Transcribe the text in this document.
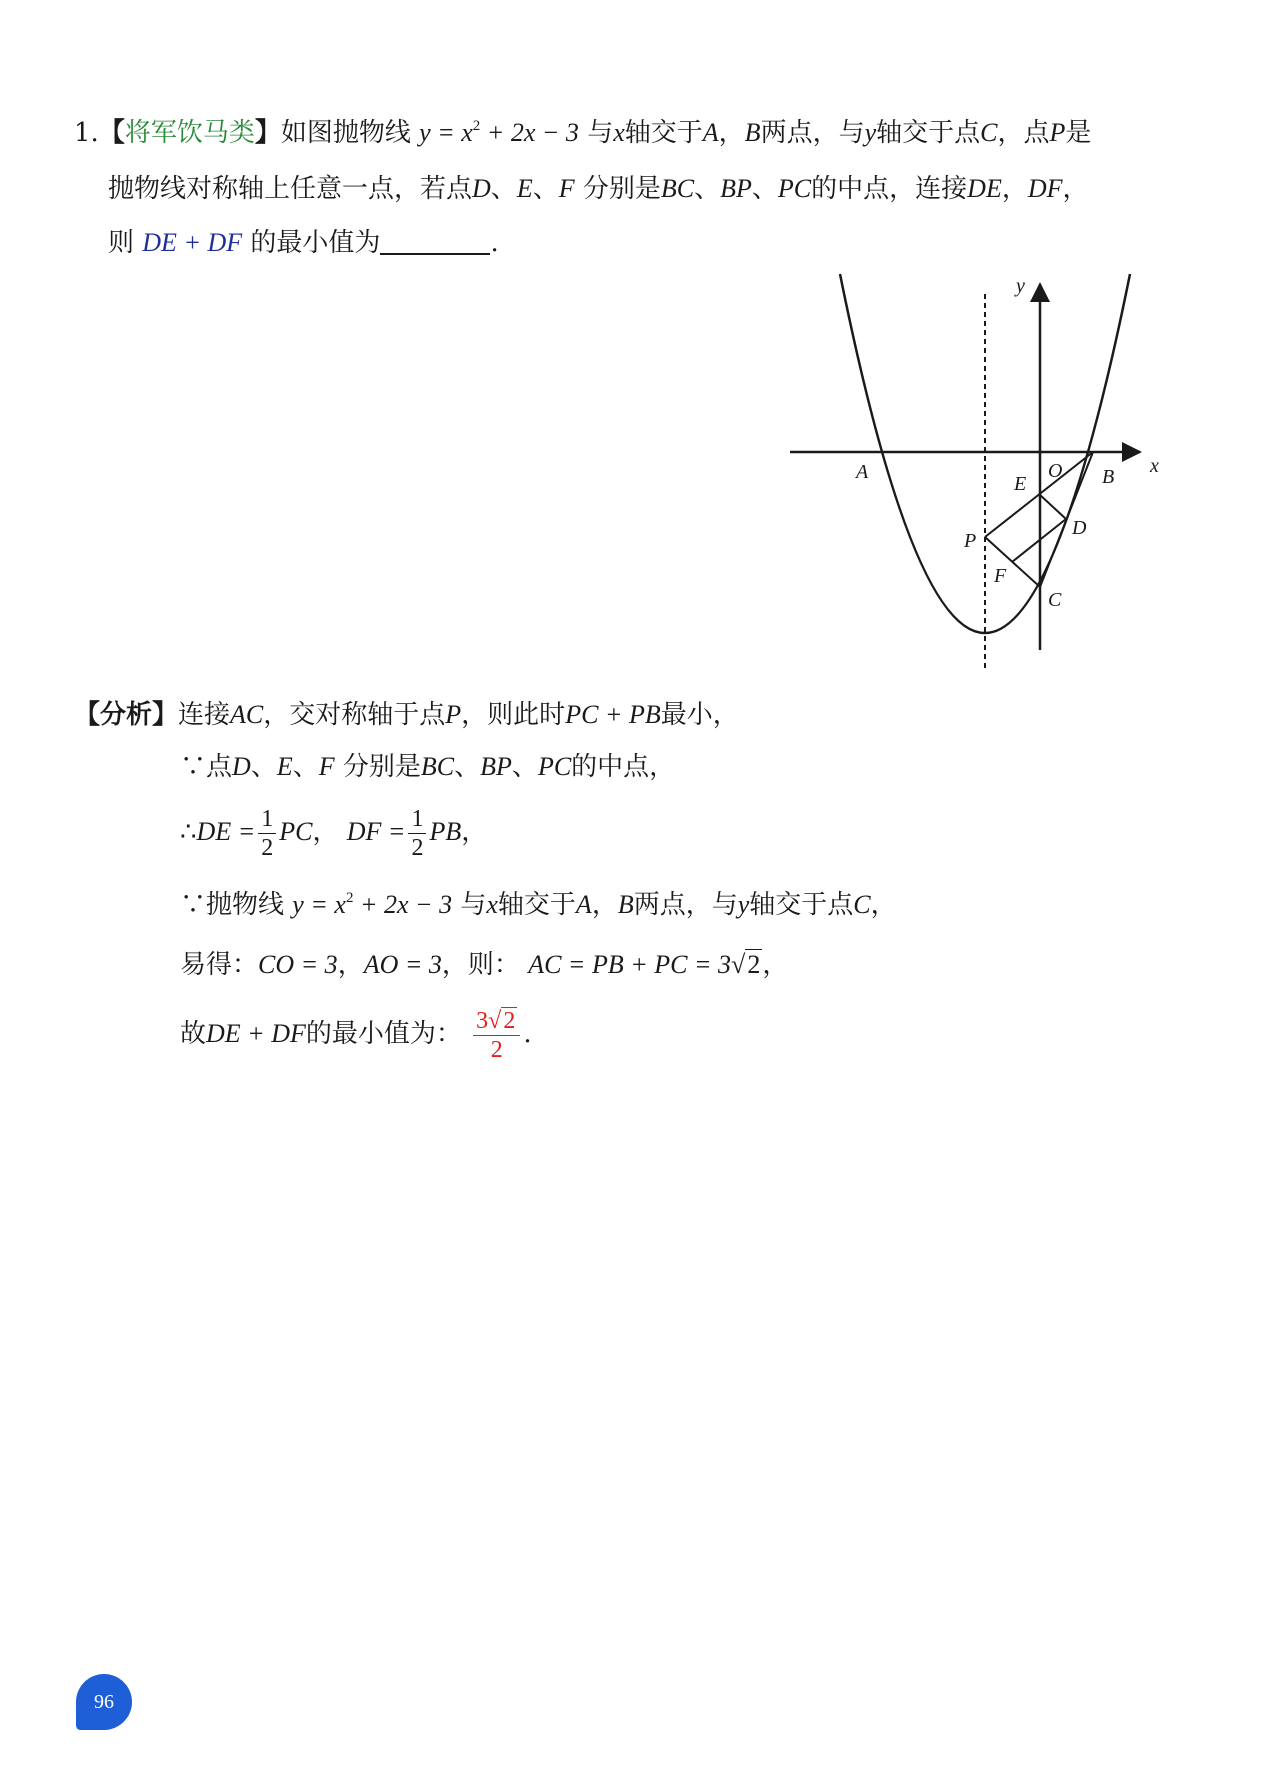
1.【将军饮马类】如图抛物线 $y = x^2 + 2x - 3$ 与x轴交于A，B两点，与y轴交于点C，点P是
抛物线对称轴上任意一点，若点D、E、F 分别是BC、BP、PC的中点，连接DE，DF，
则 DE + DF 的最小值为	.
y
x
O
A	B
E
D
P
F
C
【分析】连接AC，交对称轴于点P，则此时PC + PB最小，
∵点D、E、F 分别是BC、BP、PC的中点，
∴DE = $\frac{1}{2}$ PC， DF = $\frac{1}{2}$ PB，
∵抛物线 $y = x^2 + 2x - 3$ 与x轴交于A，B两点，与y轴交于点C，
易得：CO = 3，AO = 3，则： AC = PB + PC = 3√2，
故DE + DF的最小值为： $\frac{3√2}{2}$ .
96
